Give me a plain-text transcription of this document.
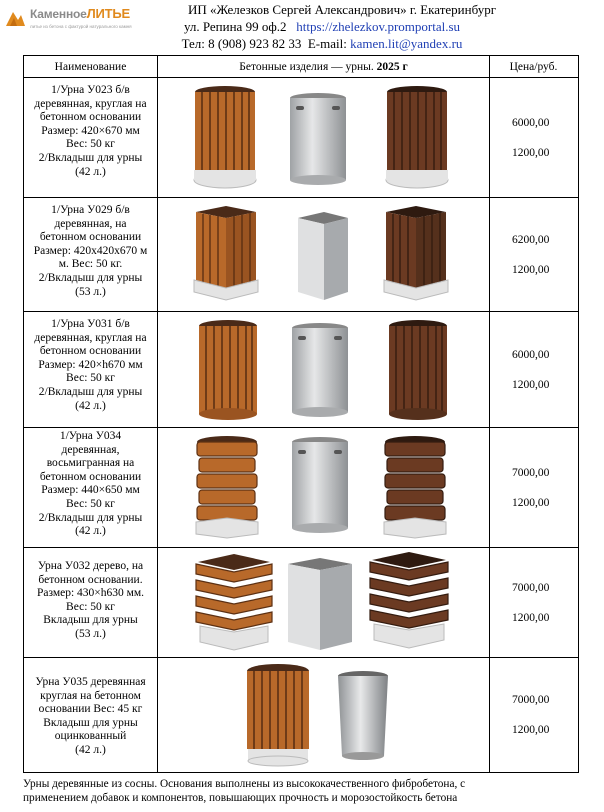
КаменноеЛИТЬЕ
литье из бетона с фактурой натурального камня
ИП «Железков Сергей Александрович» г. Екатеринбург
ул. Репина 99 оф.2 https://zhelezkov.promportal.su
Тел: 8 (908) 923 82 33 E-mail: kamen.lit@yandex.ru
Наименование	Бетонные изделия — урны.
2025 г	Цена/руб.
1/Урна У023 б/в
деревянная, круглая на
бетонном основании
Размер: 420×670 мм
Вес: 50 кг
2/Вкладыш для урны
(42 л.)
6000,00
1200,00
1/Урна У029 б/в
деревянная, на
бетонном основании
Размер: 420х420х670 м
м. Вес: 50 кг.
2/Вкладыш для урны
(53 л.)
6200,00
1200,00
1/Урна У031 б/в
деревянная, круглая на
бетонном основании
Размер: 420×h670 мм
Вес: 50 кг
2/Вкладыш для урны
(42 л.)
6000,00
1200,00
1/Урна У034
деревянная,
восьмигранная на
бетонном основании
Размер: 440×650 мм
Вес: 50 кг
2/Вкладыш для урны
(42 л.)
7000,00
1200,00
Урна У032 дерево, на
бетонном основании.
Размер: 430×h630 мм.
Вес: 50 кг
Вкладыш для урны
(53 л.)
7000,00
1200,00
Урна У035 деревянная
круглая на бетонном
основании Вес: 45 кг
Вкладыш для урны
оцинкованный
(42 л.)
7000,00
1200,00
Урны деревянные из сосны. Основания выполнены из высококачественного фибробетона, с
применением добавок и компонентов, повышающих прочность и морозостойкость бетона
